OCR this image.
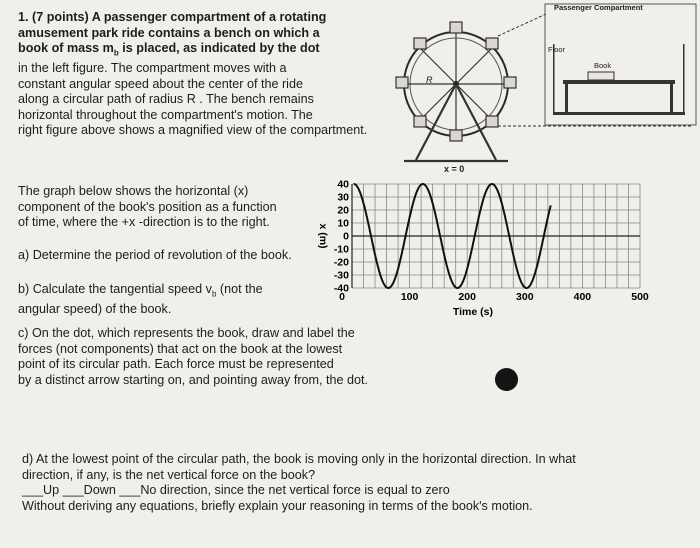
1. (7 points) A passenger compartment of a rotating

amusement park ride contains a bench on which a

book of mass $m_b$ is placed, as indicated by the dot

in the left figure. The compartment moves with a

constant angular speed about the center of the ride

along a circular path of radius R . The bench remains

horizontal throughout the compartment's motion. The

right figure above shows a magnified view of the compartment.

R
x = 0
Passenger Compartment
Floor
Book

The graph below shows the horizontal (x)

component of the book's position as a function

of time, where the +x -direction is to the right.

a) Determine the period of revolution of the book.

b) Calculate the tangential speed $v_b$ (not the

angular speed) of the book.

40
30
20
10
0
-10
-20
-30
-40
0	100	200	300	400	500
x (m)
Time (s)

c) On the dot, which represents the book, draw and label the

forces (not components) that act on the book at the lowest

point of its circular path. Each force must be represented

by a distinct arrow starting on, and pointing away from, the dot.

d) At the lowest point of the circular path, the book is moving only in the horizontal direction. In what

direction, if any, is the net vertical force on the book?

___Up ___Down ___No direction, since the net vertical force is equal to zero

Without deriving any equations, briefly explain your reasoning in terms of the book's motion.
